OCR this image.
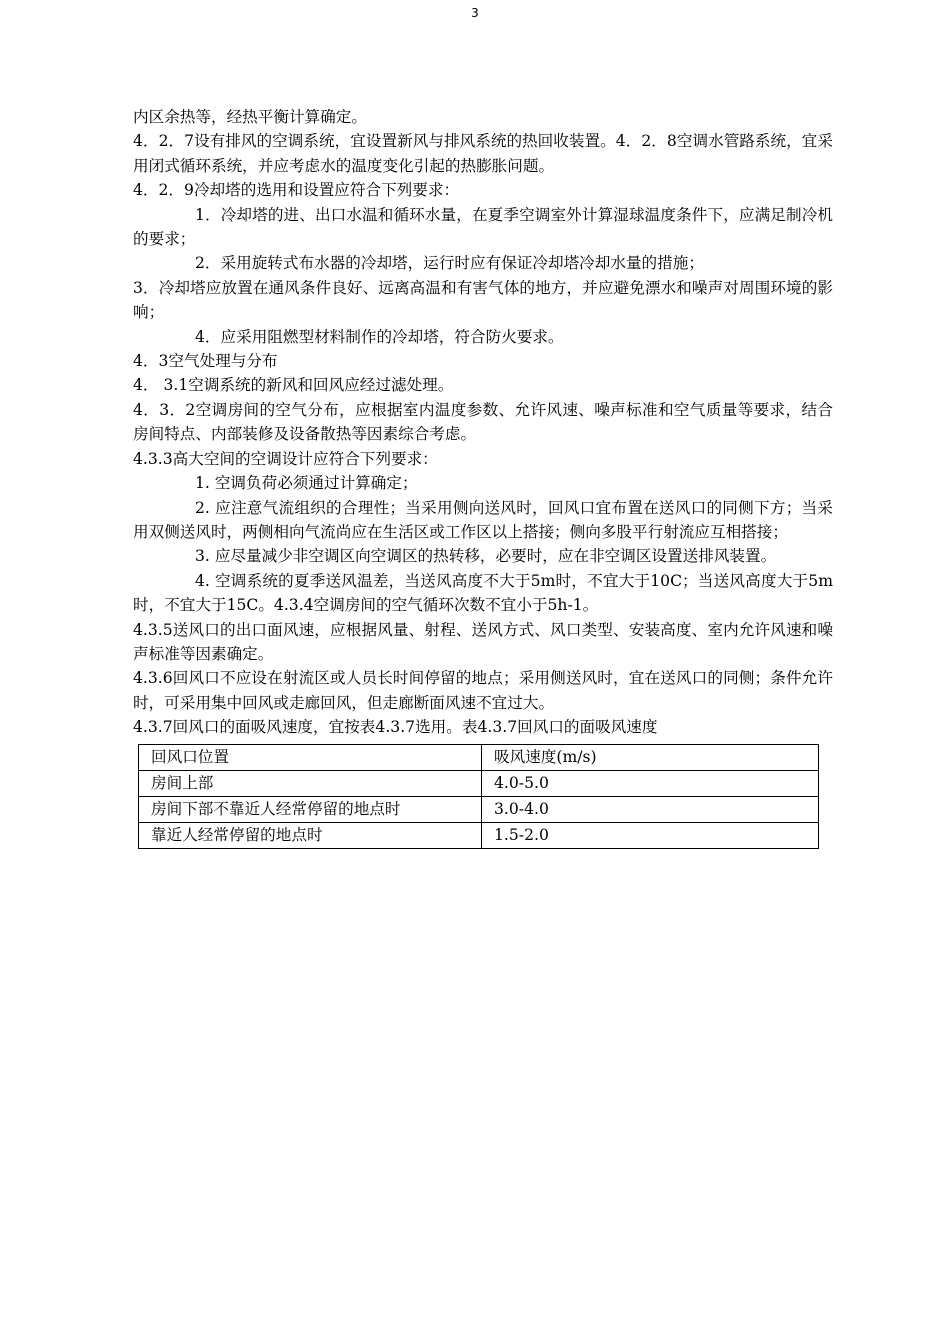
3

内区余热等，经热平衡计算确定。

4．2．7设有排风的空调系统，宜设置新风与排风系统的热回收装置。4．2．8空调水管路系统，宜采用闭式循环系统，并应考虑水的温度变化引起的热膨胀问题。

4．2．9冷却塔的选用和设置应符合下列要求：

1．冷却塔的进、出口水温和循环水量，在夏季空调室外计算湿球温度条件下，应满足制冷机的要求；

2．采用旋转式布水器的冷却塔，运行时应有保证冷却塔冷却水量的措施；

3．冷却塔应放置在通风条件良好、远离高温和有害气体的地方，并应避免漂水和噪声对周围环境的影响；

4．应采用阻燃型材料制作的冷却塔，符合防火要求。

4．3空气处理与分布

4． 3.1空调系统的新风和回风应经过滤处理。

4．3．2空调房间的空气分布，应根据室内温度参数、允许风速、噪声标准和空气质量等要求，结合房间特点、内部装修及设备散热等因素综合考虑。

4.3.3高大空间的空调设计应符合下列要求：

1. 空调负荷必须通过计算确定；

2. 应注意气流组织的合理性；当采用侧向送风时，回风口宜布置在送风口的同侧下方；当采用双侧送风时，两侧相向气流尚应在生活区或工作区以上搭接；侧向多股平行射流应互相搭接；

3. 应尽量减少非空调区向空调区的热转移，必要时，应在非空调区设置送排风装置。

4. 空调系统的夏季送风温差，当送风高度不大于5m时，不宜大于10C；当送风高度大于5m时，不宜大于15C。4.3.4空调房间的空气循环次数不宜小于5h-1。

4.3.5送风口的出口面风速，应根据风量、射程、送风方式、风口类型、安装高度、室内允许风速和噪声标准等因素确定。

4.3.6回风口不应设在射流区或人员长时间停留的地点；采用侧送风时，宜在送风口的同侧；条件允许时，可采用集中回风或走廊回风，但走廊断面风速不宜过大。

4.3.7回风口的面吸风速度，宜按表4.3.7选用。表4.3.7回风口的面吸风速度

回风口位置	吸风速度(m/s)
房间上部	4.0-5.0
房间下部不靠近人经常停留的地点时	3.0-4.0
靠近人经常停留的地点时	1.5-2.0
